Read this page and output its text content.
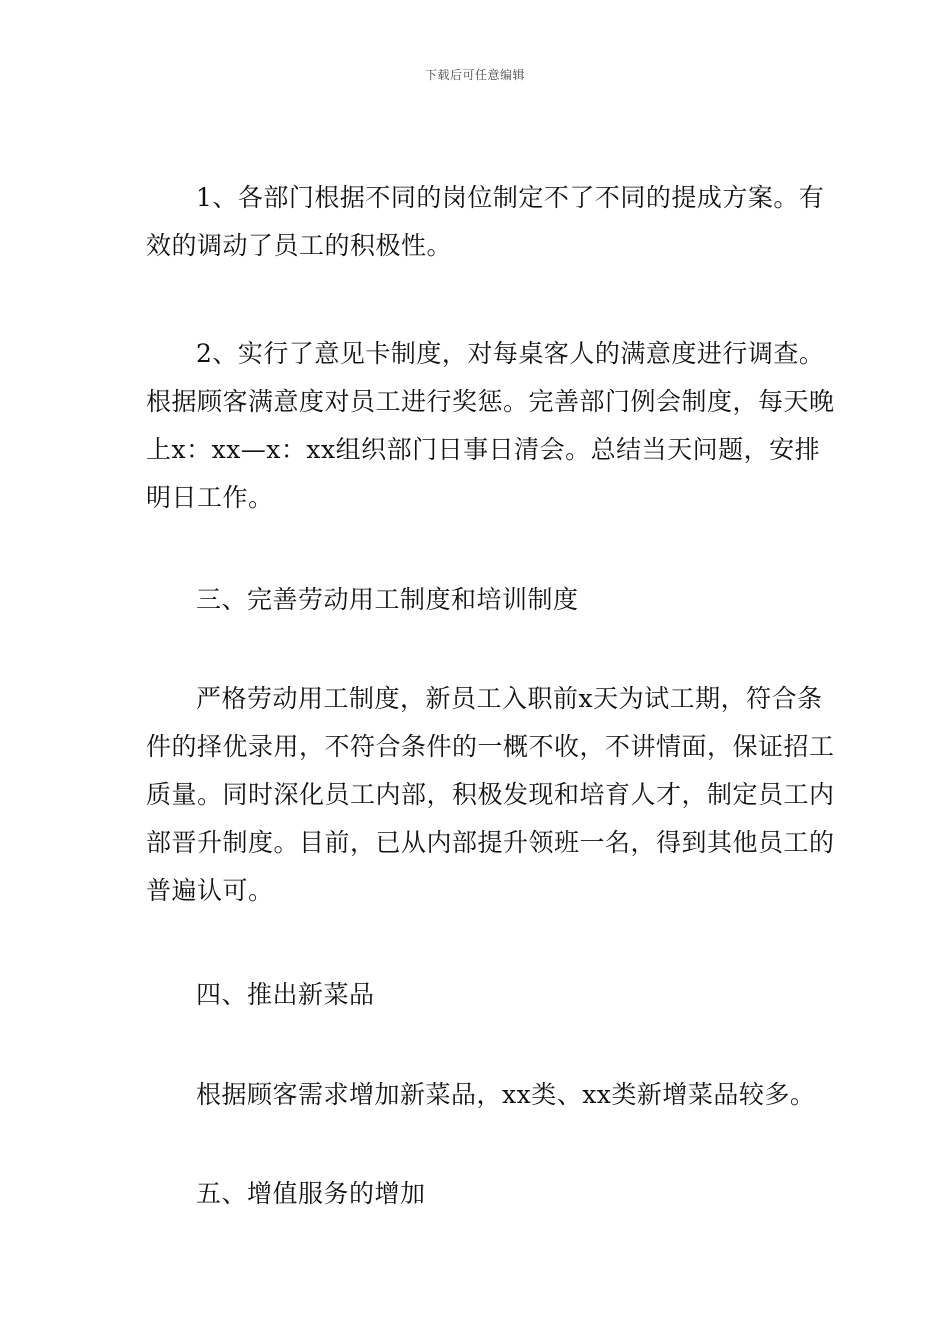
下载后可任意编辑

1、各部门根据不同的岗位制定不了不同的提成方案。有效的调动了员工的积极性。

2、实行了意见卡制度，对每桌客人的满意度进行调查。根据顾客满意度对员工进行奖惩。完善部门例会制度，每天晚上x：xx—x：xx组织部门日事日清会。总结当天问题，安排明日工作。

三、完善劳动用工制度和培训制度

严格劳动用工制度，新员工入职前x天为试工期，符合条件的择优录用，不符合条件的一概不收，不讲情面，保证招工质量。同时深化员工内部，积极发现和培育人才，制定员工内部晋升制度。目前，已从内部提升领班一名，得到其他员工的普遍认可。

四、推出新菜品

根据顾客需求增加新菜品，xx类、xx类新增菜品较多。

五、增值服务的增加
